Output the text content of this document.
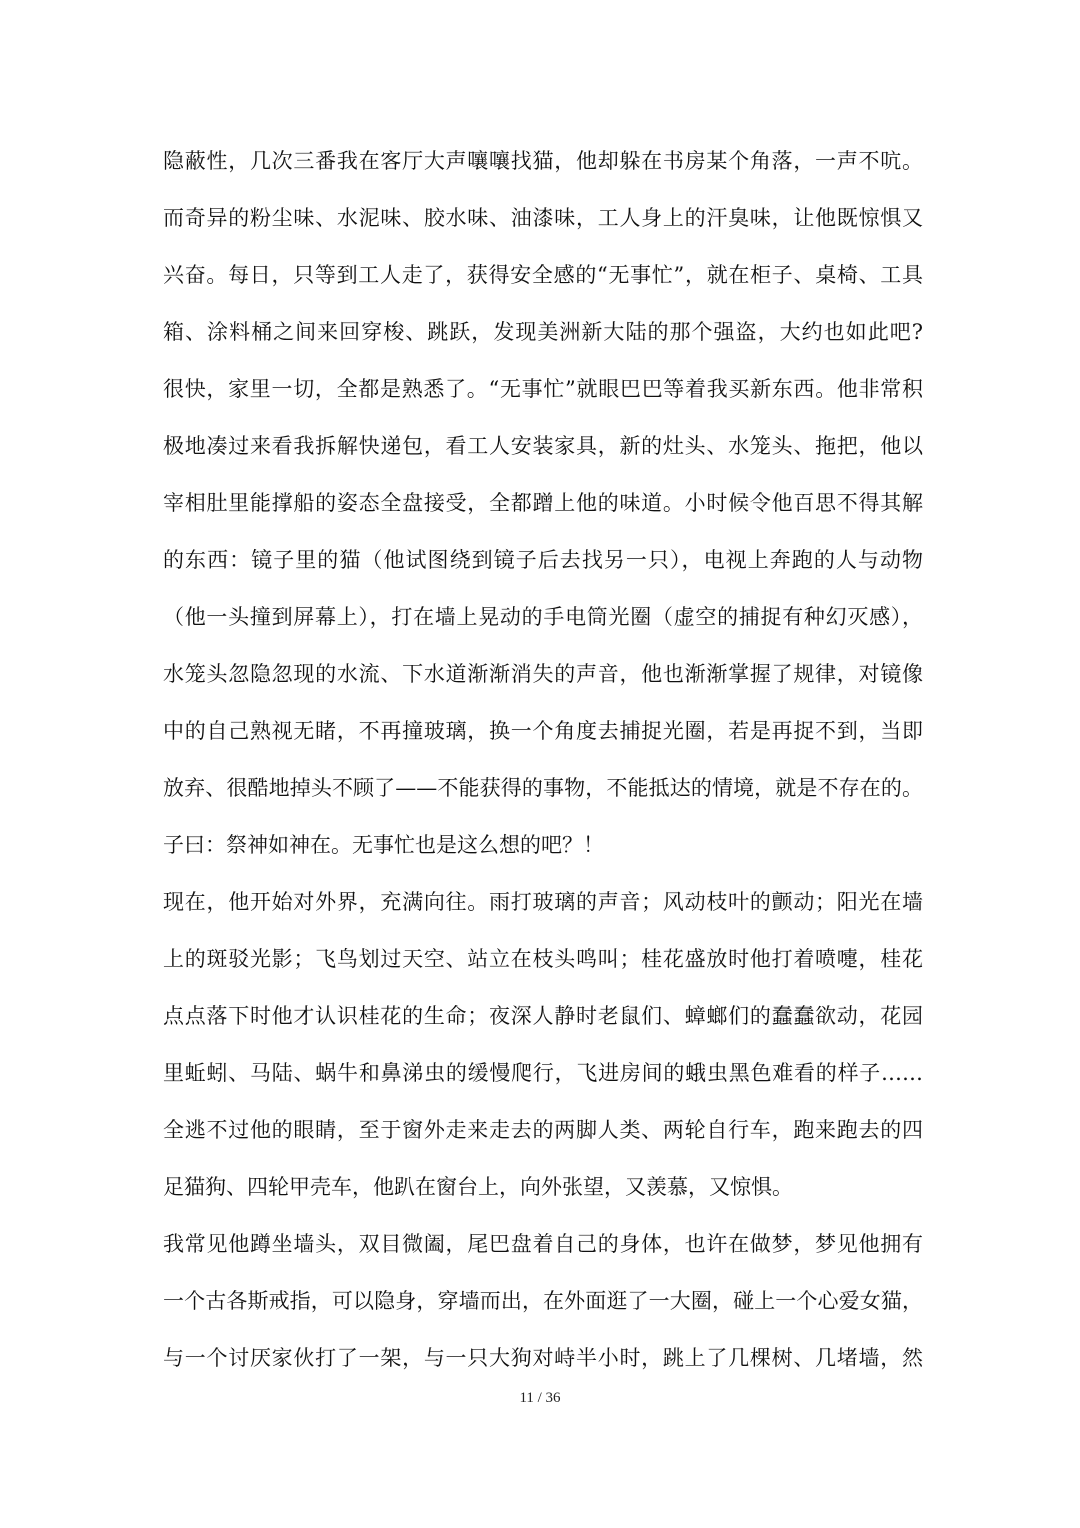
隐蔽性，几次三番我在客厅大声嚷嚷找猫，他却躲在书房某个角落，一声不吭。
而奇异的粉尘味、水泥味、胶水味、油漆味，工人身上的汗臭味，让他既惊惧又
兴奋。每日，只等到工人走了，获得安全感的“无事忙”，就在柜子、桌椅、工具
箱、涂料桶之间来回穿梭、跳跃，发现美洲新大陆的那个强盗，大约也如此吧?
很快，家里一切，全都是熟悉了。“无事忙”就眼巴巴等着我买新东西。他非常积
极地凑过来看我拆解快递包，看工人安装家具，新的灶头、水笼头、拖把，他以
宰相肚里能撑船的姿态全盘接受，全都蹭上他的味道。小时候令他百思不得其解
的东西：镜子里的猫（他试图绕到镜子后去找另一只），电视上奔跑的人与动物
（他一头撞到屏幕上），打在墙上晃动的手电筒光圈（虚空的捕捉有种幻灭感），
水笼头忽隐忽现的水流、下水道渐渐消失的声音，他也渐渐掌握了规律，对镜像
中的自己熟视无睹，不再撞玻璃，换一个角度去捕捉光圈，若是再捉不到，当即
放弃、很酷地掉头不顾了——不能获得的事物，不能抵达的情境，就是不存在的。
子曰：祭神如神在。无事忙也是这么想的吧？！
现在，他开始对外界，充满向往。雨打玻璃的声音；风动枝叶的颤动；阳光在墙
上的斑驳光影；飞鸟划过天空、站立在枝头鸣叫；桂花盛放时他打着喷嚏，桂花
点点落下时他才认识桂花的生命；夜深人静时老鼠们、蟑螂们的蠢蠢欲动，花园
里蚯蚓、马陆、蜗牛和鼻涕虫的缓慢爬行，飞进房间的蛾虫黑色难看的样子……
全逃不过他的眼睛，至于窗外走来走去的两脚人类、两轮自行车，跑来跑去的四
足猫狗、四轮甲壳车，他趴在窗台上，向外张望，又羡慕，又惊惧。
我常见他蹲坐墙头，双目微阖，尾巴盘着自己的身体，也许在做梦，梦见他拥有
一个古各斯戒指，可以隐身，穿墙而出，在外面逛了一大圈，碰上一个心爱女猫，
与一个讨厌家伙打了一架，与一只大狗对峙半小时，跳上了几棵树、几堵墙，然
11 / 36
